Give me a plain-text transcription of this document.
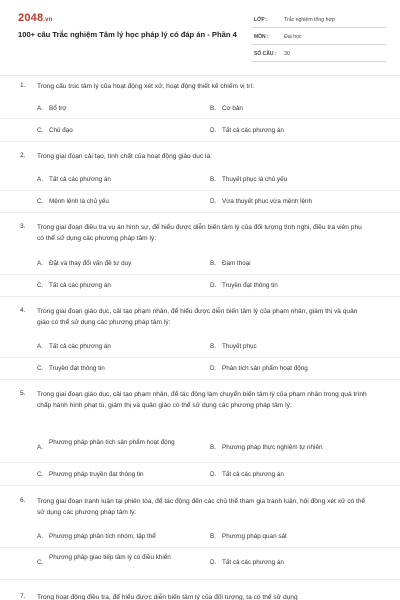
2048.vn
100+ câu Trắc nghiệm Tâm lý học pháp lý có đáp án - Phần 4
LỚP :	Trắc nghiệm tổng hợp
MÔN :	Đại học
SỐ CÂU : 30
1. Trong cấu trúc tâm lý của hoạt động xét xử, hoạt động thiết kế chiếm vị trí:
A. Bổ trợ	B. Cơ bản
C. Chủ đạo	D. Tất cả các phương án
2. Trong giai đoạn cải tạo, tính chất của hoạt động giáo dục là:
A. Tất cả các phương án	B. Thuyết phục là chủ yếu
C. Mệnh lệnh là chủ yếu	D. Vừa thuyết phục vừa mệnh lệnh
3. Trong giai đoạn điều tra vụ án hình sự, để hiểu được diễn biến tâm lý của đối tượng tình nghi, điều tra viên phụ có thể sử dụng các phương pháp tâm lý:
A. Đặt và thay đổi vấn đề tư duy	B. Đàm thoại
C. Tất cả các phương án	D. Truyền đạt thông tin
4. Trong giai đoạn giáo dục, cải tạo phạm nhân, để hiểu được diễn biến tâm lý của phạm nhân, giám thị và quản giáo có thể sử dụng các phương pháp tâm lý:
A. Tất cả các phương án	B. Thuyết phục
C. Truyền đạt thông tin	D. Phân tích sản phẩm hoạt động
5. Trong giai đoạn giáo dục, cải tạo phạm nhân, để tác động làm chuyển biến tâm lý của phạm nhân trong quá trình chấp hành hình phạt tù, giám thị và quản giáo có thể sử dụng các phương pháp tâm lý:
A.
Phương pháp phân tích sản phẩm hoạt động
B. Phương pháp thực nghiệm tự nhiên
C. Phương pháp truyền đạt thông tin	D. Tất cả các phương án
6. Trong giai đoạn tranh luận tại phiên tòa, để tác động đến các chủ thể tham gia tranh luận, hội đồng xét xử có thể sử dụng các phương pháp tâm lý:
A. Phương pháp phân tích nhóm, tập thể	B. Phương pháp quan sát
C.
Phương pháp giao tiếp tâm lý có điều khiển
D. Tất cả các phương án
7. Trong hoạt động điều tra, để hiểu được diễn biến tâm lý của đối tượng, ta có thể sử dụng
